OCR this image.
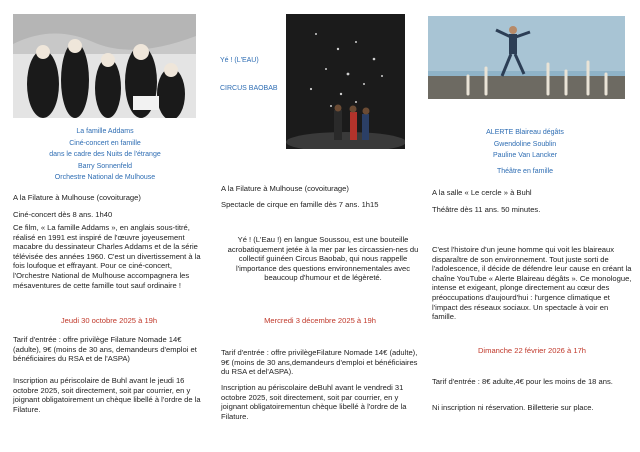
La famille Addams
Ciné-concert en famille
dans le cadre des Nuits de l'étrange
Barry Sonnenfeld
Orchestre National de Mulhouse

A la Filature à Mulhouse (covoiturage)

Ciné-concert dès 8 ans. 1h40

Ce film, « La famille Addams », en anglais sous-titré, réalisé en 1991 est inspiré de l'œuvre joyeusement macabre du dessinateur Charles Addams et de la série télévisée des années 1960. C'est un divertissement à la fois loufoque et effrayant. Pour ce ciné-concert, l'Orchestre National de Mulhouse accompagnera les mésaventures de cette famille tout sauf ordinaire !

Jeudi 30 octobre 2025 à 19h

Tarif d'entrée : offre privilège Filature Nomade 14€ (adulte), 9€ (moins de 30 ans, demandeurs d'emploi et bénéficiaires du RSA et de l'ASPA)

Inscription au périscolaire de Buhl avant le jeudi 16 octobre 2025, soit directement, soit par courrier, en y joignant obligatoirement un chèque libellé à l'ordre de la Filature.

Yé ! (L'EAU)
CIRCUS BAOBAB

A la Filature à Mulhouse (covoiturage)

Spectacle de cirque en famille dès 7 ans. 1h15

Yé ! (L'Eau !) en langue Soussou, est une bouteille acrobatiquement jetée à la mer par les circassien-nes du collectif guinéen Circus Baobab, qui nous rappelle l'importance des questions environnementales avec beaucoup d'humour et de légèreté.

Mercredi 3 décembre 2025 à 19h

Tarif d'entrée : offre privilègeFilature Nomade 14€ (adulte), 9€ (moins de 30 ans,demandeurs d'emploi et bénéficiaires du RSA et del'ASPA).

Inscription au périscolaire deBuhl avant le vendredi 31 octobre 2025, soit directement, soit par courrier, en y joignant obligatoirementun chèque libellé à l'ordre de la Filature.

ALERTE Blaireau dégâts
Gwendoline Soublin
Pauline Van Lancker
Théâtre en famille

A la salle « Le cercle » à Buhl

Théâtre dès 11 ans. 50 minutes.

C'est l'histoire d'un jeune homme qui voit les blaireaux disparaître de son environnement. Tout juste sorti de l'adolescence, il décide de défendre leur cause en créant la chaîne YouTube « Alerte Blaireau dégâts ». Ce monologue, intense et exigeant, plonge directement au cœur des préoccupations d'aujourd'hui : l'urgence climatique et l'impact des réseaux sociaux. Un spectacle à voir en famille.

Dimanche 22 février 2026 à 17h

Tarif d'entrée : 8€ adulte,4€ pour les moins de 18 ans.

Ni inscription ni réservation. Billetterie sur place.
